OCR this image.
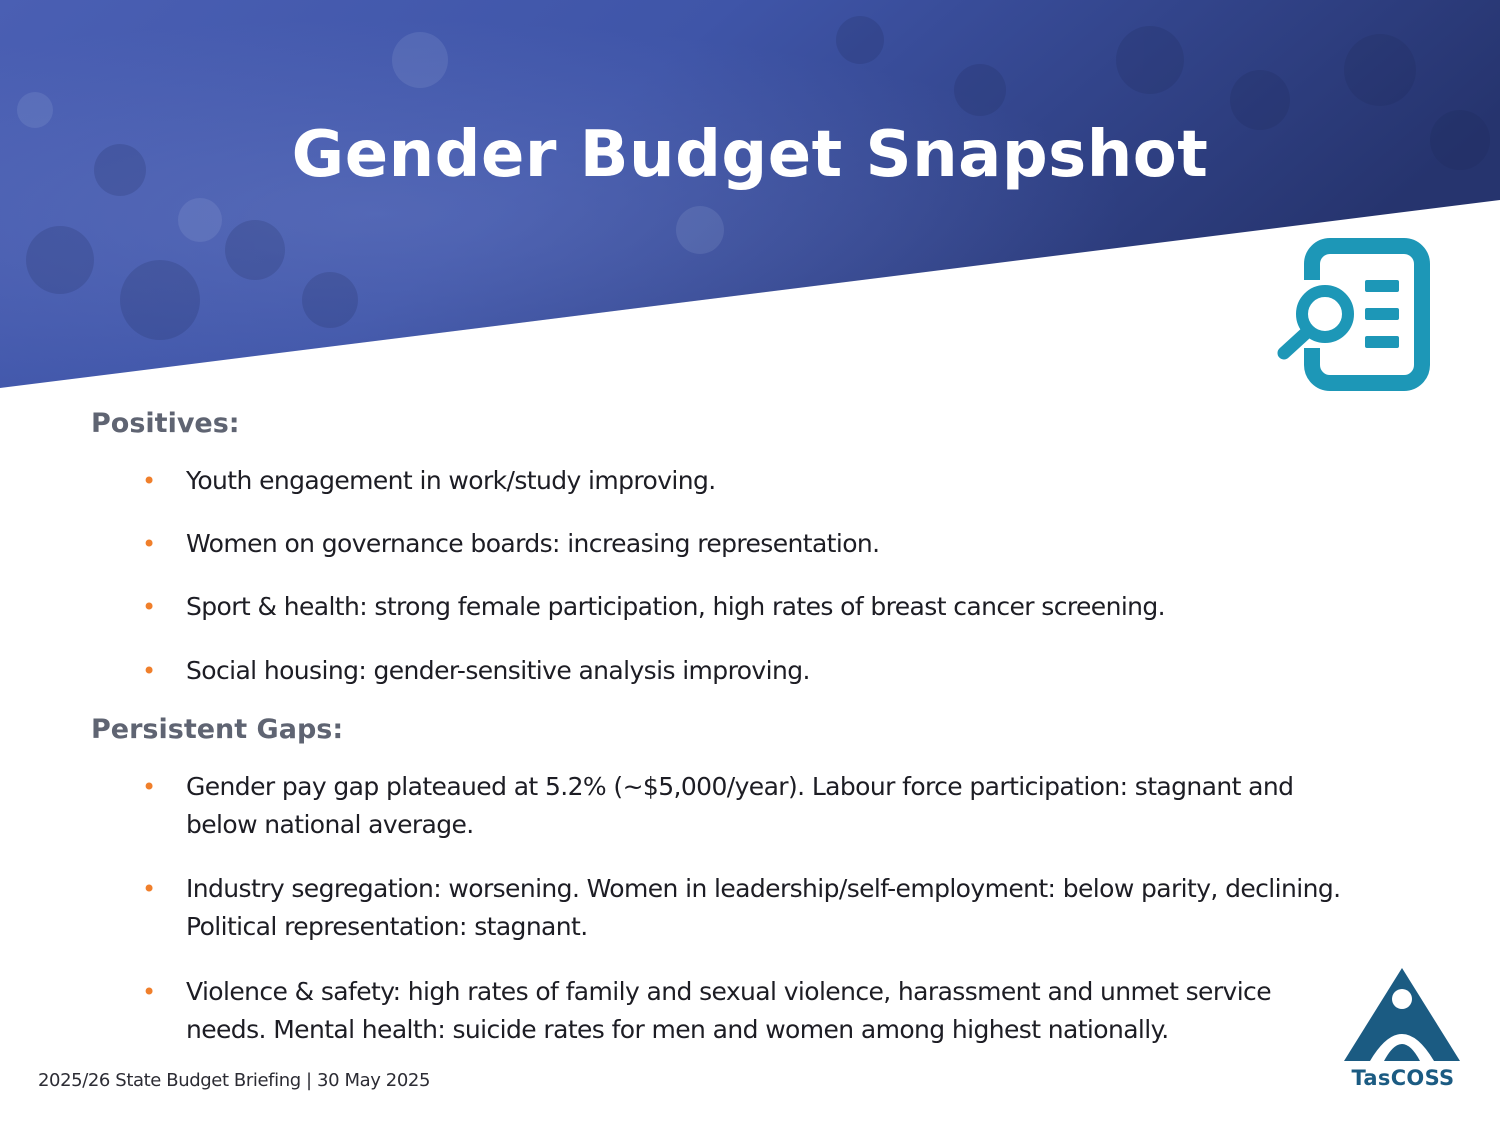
Gender Budget Snapshot
Positives:
• Youth engagement in work/study improving.
• Women on governance boards: increasing representation.
• Sport & health: strong female participation, high rates of breast cancer screening.
• Social housing: gender-sensitive analysis improving.
Persistent Gaps:
• Gender pay gap plateaued at 5.2% (~$5,000/year). Labour force participation: stagnant and below national average.
• Industry segregation: worsening. Women in leadership/self-employment: below parity, declining. Political representation: stagnant.
• Violence & safety: high rates of family and sexual violence, harassment and unmet service needs. Mental health: suicide rates for men and women among highest nationally.
2025/26 State Budget Briefing | 30 May 2025	TasCOSS
